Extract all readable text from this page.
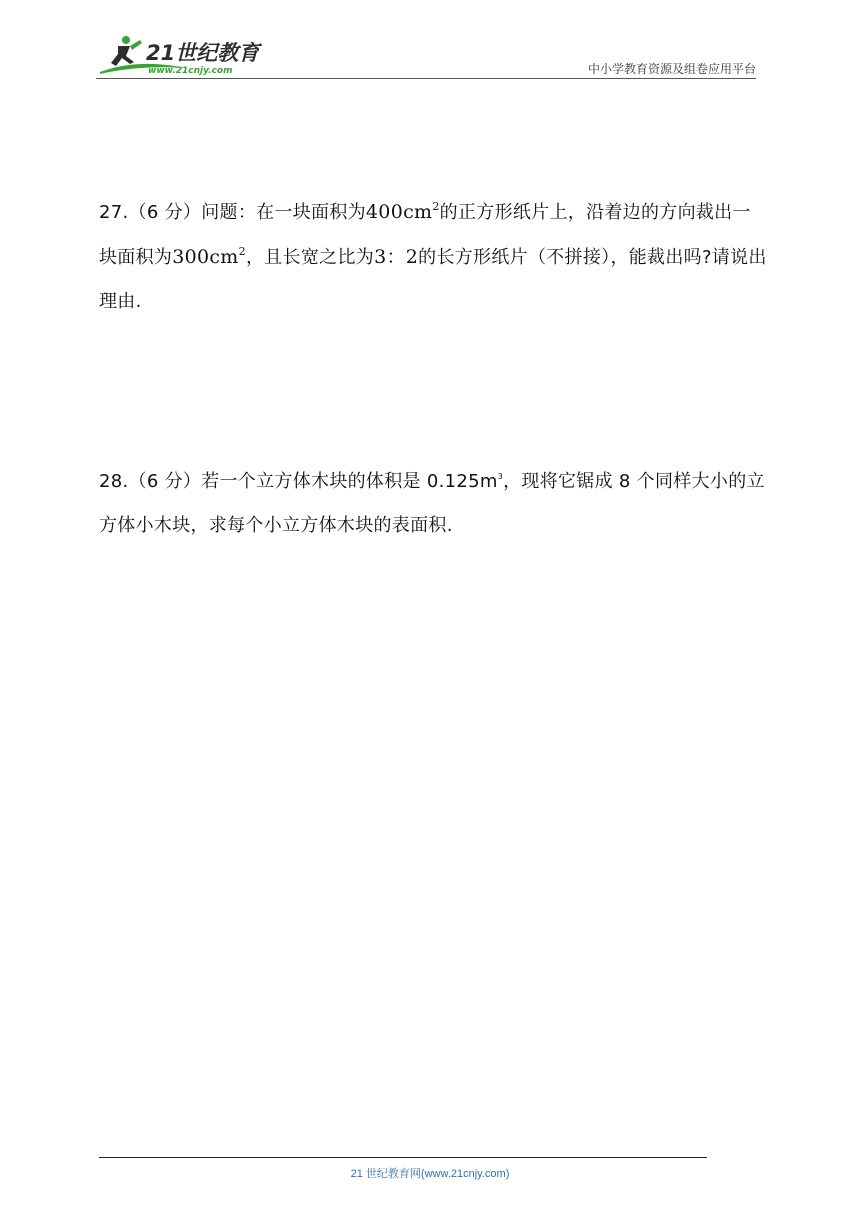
21世纪教育
www.21cnjy.com	中小学教育资源及组卷应用平台
27.（6 分）问题：在一块面积为$400cm^2$的正方形纸片上，沿着边的方向裁出一块面积为$300cm^2$，且长宽之比为3：2的长方形纸片（不拼接），能裁出吗?请说出理由.
28.（6 分）若一个立方体木块的体积是 $0.125m^3$，现将它锯成 8 个同样大小的立方体小木块，求每个小立方体木块的表面积.
21 世纪教育网(www.21cnjy.com)
